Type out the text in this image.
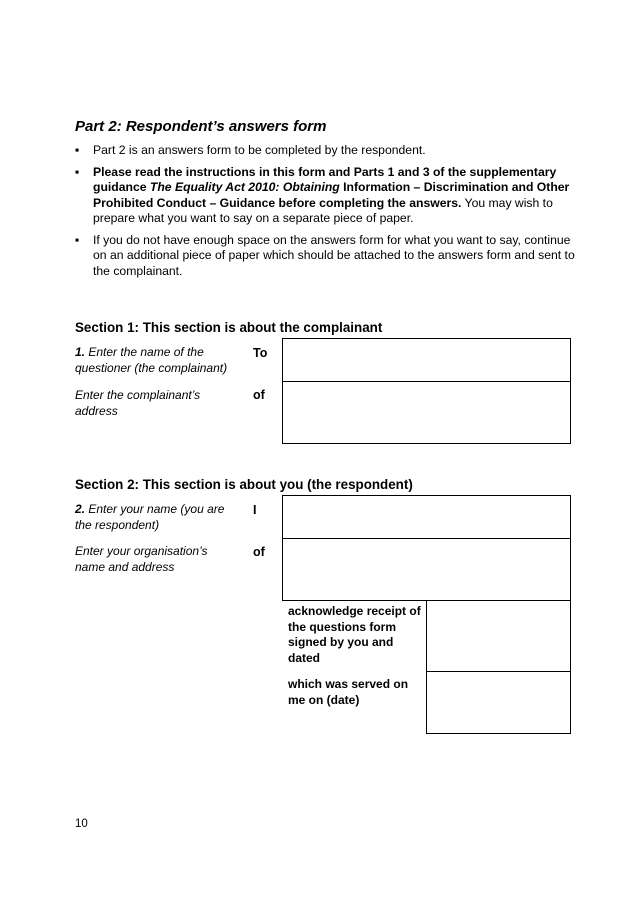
Part 2: Respondent’s answers form
▪ Part 2 is an answers form to be completed by the respondent.
▪ Please read the instructions in this form and Parts 1 and 3 of the supplementary guidance The Equality Act 2010: Obtaining Information – Discrimination and Other Prohibited Conduct – Guidance before completing the answers. You may wish to prepare what you want to say on a separate piece of paper.
▪ If you do not have enough space on the answers form for what you want to say, continue on an additional piece of paper which should be attached to the answers form and sent to the complainant.
Section 1: This section is about the complainant
1. Enter the name of the questioner (the complainant)
To
Enter the complainant’s address
of
Section 2: This section is about you (the respondent)
2. Enter your name (you are the respondent)
I
Enter your organisation’s name and address
of
acknowledge receipt of the questions form signed by you and dated
which was served on me on (date)
10
